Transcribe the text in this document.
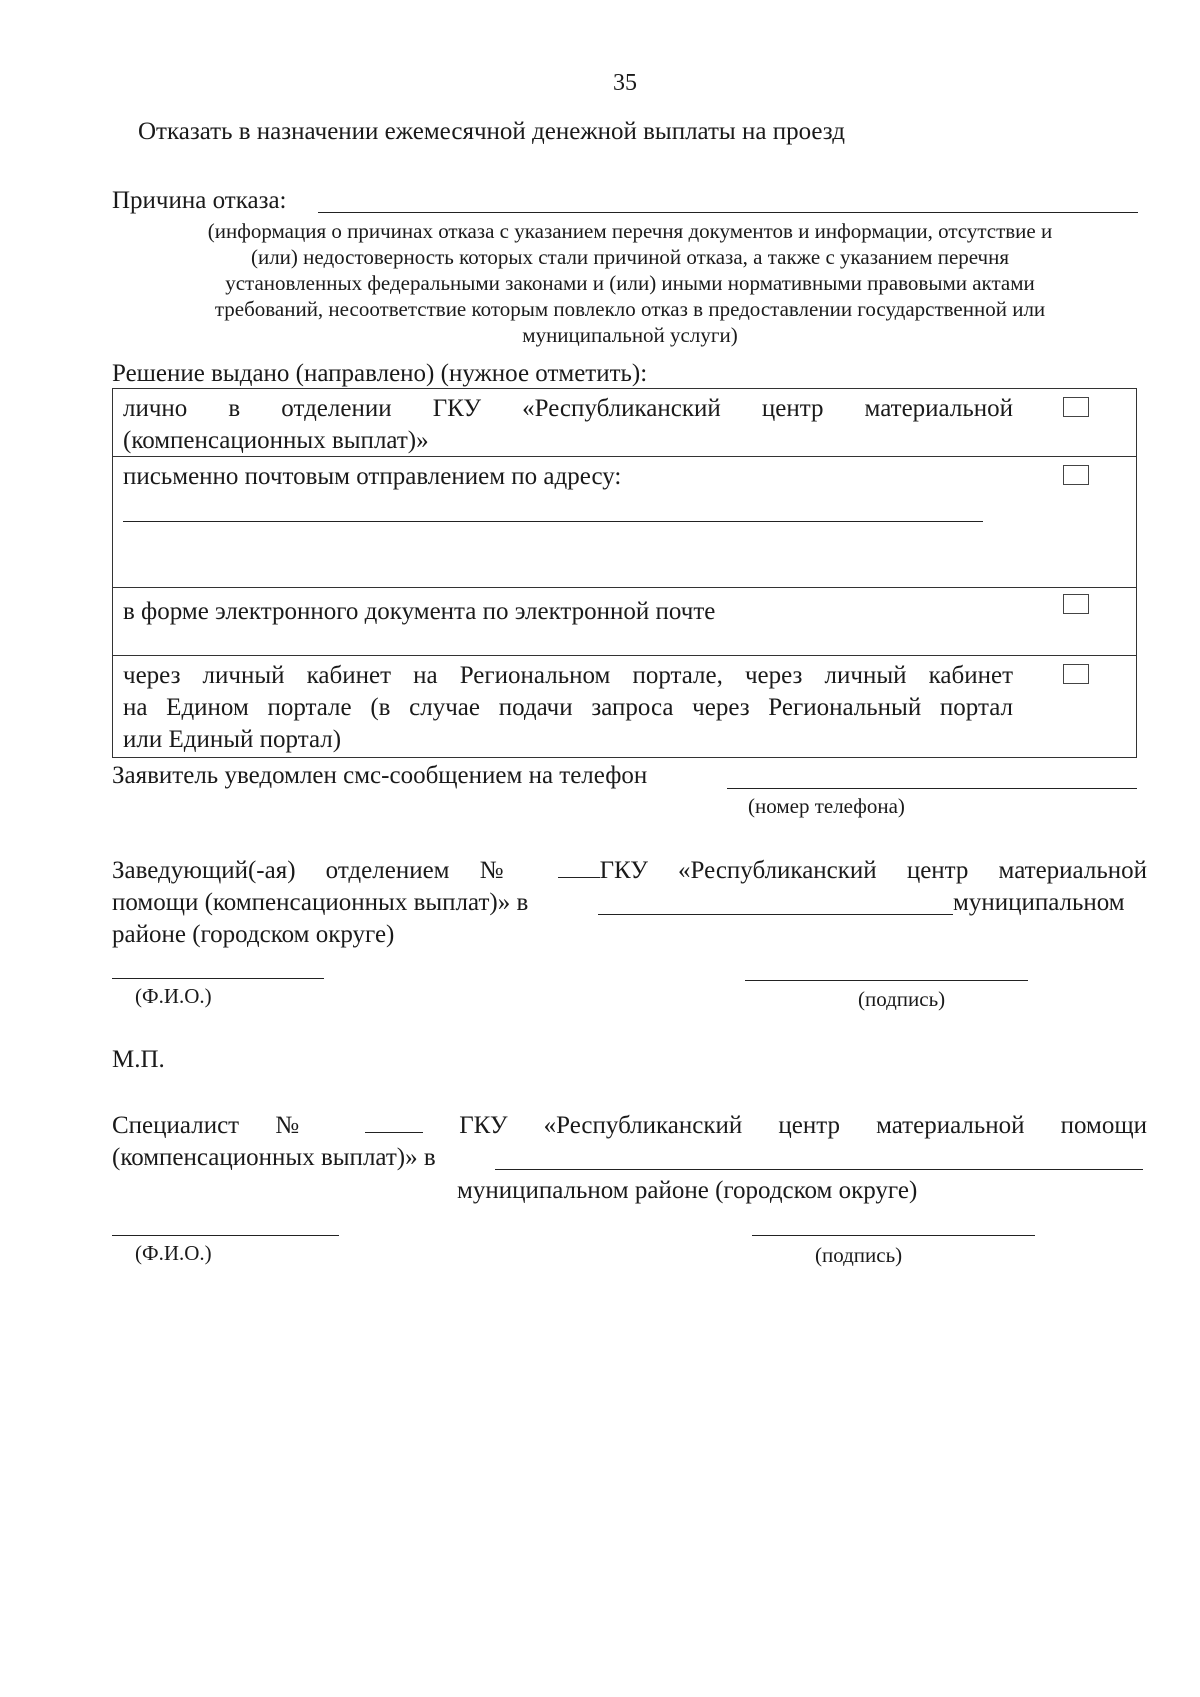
35
Отказать в назначении ежемесячной денежной выплаты на проезд
Причина отказа:
(информация о причинах отказа с указанием перечня документов и информации, отсутствие и
(или) недостоверность которых стали причиной отказа, а также с указанием перечня
установленных федеральными законами и (или) иными нормативными правовыми актами
требований, несоответствие которым повлекло отказ в предоставлении государственной или
муниципальной услуги)
Решение выдано (направлено) (нужное отметить):
лично в отделении ГКУ «Республиканский центр материальной
(компенсационных выплат)»
письменно почтовым отправлением по адресу:
в форме электронного документа по электронной почте
через личный кабинет на Региональном портале, через личный кабинет
на Едином портале (в случае подачи запроса через Региональный портал
или Единый портал)
Заявитель уведомлен смс-сообщением на телефон
(номер телефона)
Заведующий(-ая) отделением №	ГКУ «Республиканский центр материальной
помощи (компенсационных выплат)» в	муниципальном
районе (городском округе)
(Ф.И.О.)	(подпись)
М.П.
Специалист №	ГКУ «Республиканский центр материальной помощи
(компенсационных выплат)» в
муниципальном районе (городском округе)
(Ф.И.О.)	(подпись)
